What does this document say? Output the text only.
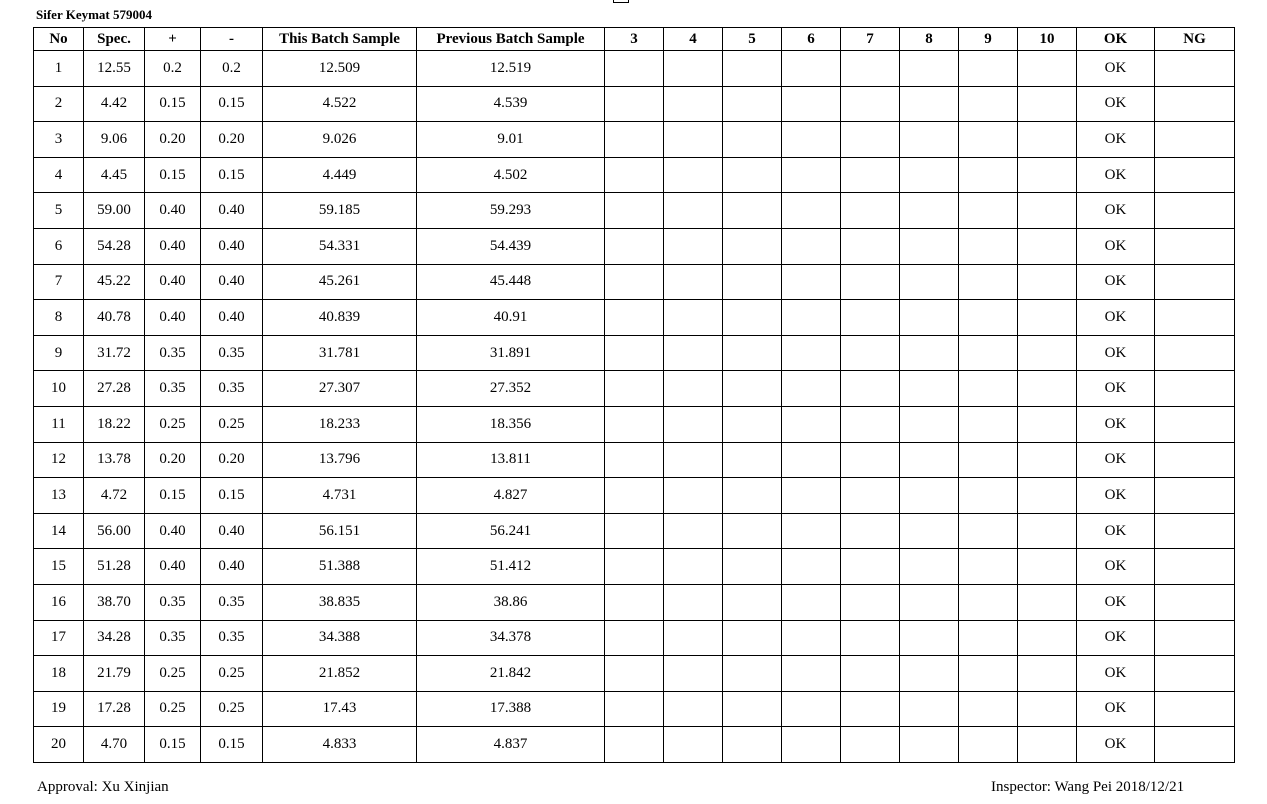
Sifer Keymat 579004
No	Spec.	+	-	This Batch Sample	Previous Batch Sample	3	4	5	6	7	8	9	10	OK	NG
1	12.55	0.2	0.2	12.509	12.519									OK	
2	4.42	0.15	0.15	4.522	4.539									OK	
3	9.06	0.20	0.20	9.026	9.01									OK	
4	4.45	0.15	0.15	4.449	4.502									OK	
5	59.00	0.40	0.40	59.185	59.293									OK	
6	54.28	0.40	0.40	54.331	54.439									OK	
7	45.22	0.40	0.40	45.261	45.448									OK	
8	40.78	0.40	0.40	40.839	40.91									OK	
9	31.72	0.35	0.35	31.781	31.891									OK	
10	27.28	0.35	0.35	27.307	27.352									OK	
11	18.22	0.25	0.25	18.233	18.356									OK	
12	13.78	0.20	0.20	13.796	13.811									OK	
13	4.72	0.15	0.15	4.731	4.827									OK	
14	56.00	0.40	0.40	56.151	56.241									OK	
15	51.28	0.40	0.40	51.388	51.412									OK	
16	38.70	0.35	0.35	38.835	38.86									OK	
17	34.28	0.35	0.35	34.388	34.378									OK	
18	21.79	0.25	0.25	21.852	21.842									OK	
19	17.28	0.25	0.25	17.43	17.388									OK	
20	4.70	0.15	0.15	4.833	4.837									OK	
Approval: Xu Xinjian	Inspector: Wang Pei 2018/12/21
